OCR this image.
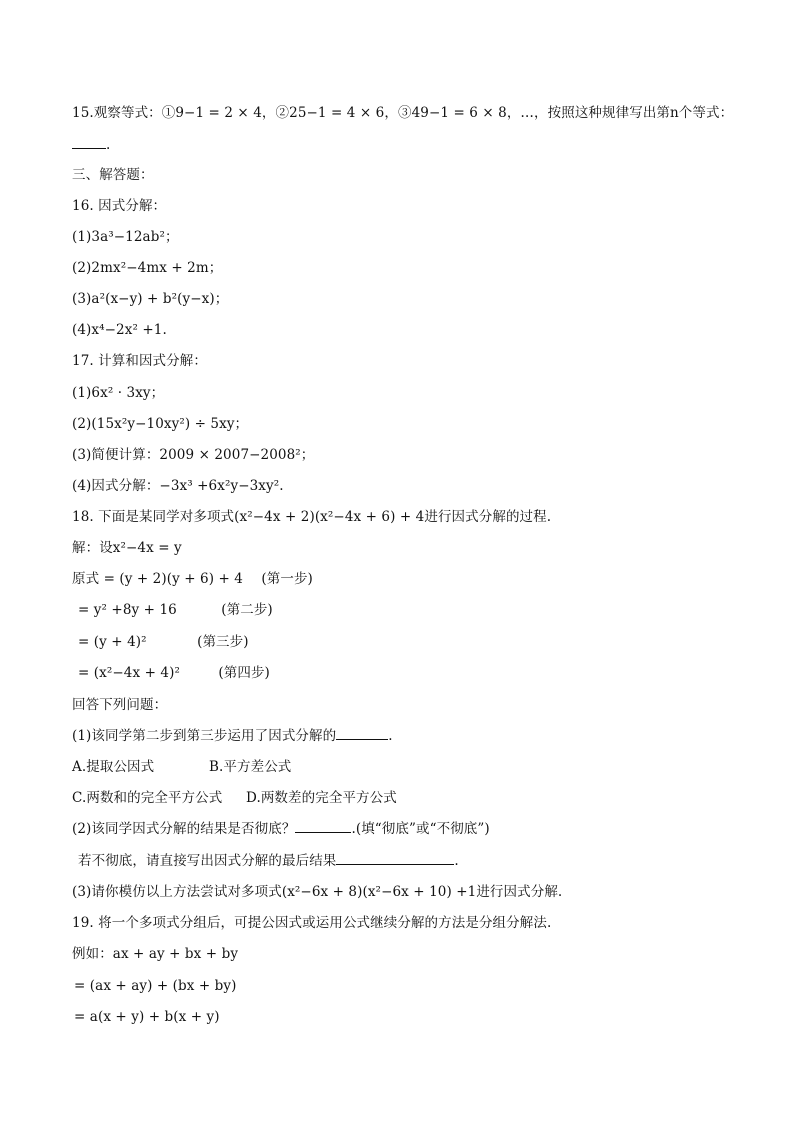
15.观察等式：①9−1 = 2 × 4，②25−1 = 4 × 6，③49−1 = 6 × 8，…，按照这种规律写出第n个等式：
.
三、解答题：
16. 因式分解：
(1)3a³−12ab²；
(2)2mx²−4mx + 2m；
(3)a²(x−y) + b²(y−x)；
(4)x⁴−2x² +1.
17. 计算和因式分解：
(1)6x² · 3xy；
(2)(15x²y−10xy²) ÷ 5xy；
(3)简便计算：2009 × 2007−2008²；
(4)因式分解：−3x³ +6x²y−3xy².
18. 下面是某同学对多项式(x²−4x + 2)(x²−4x + 6) + 4进行因式分解的过程.
解：设x²−4x = y
原式 = (y + 2)(y + 6) + 4 (第一步)
= y² +8y + 16	(第二步)
= (y + 4)²	(第三步)
= (x²−4x + 4)²	(第四步)
回答下列问题：
(1)该同学第二步到第三步运用了因式分解的	.
A.提取公因式	B.平方差公式
C.两数和的完全平方公式 D.两数差的完全平方公式
(2)该同学因式分解的结果是否彻底？	.(填“彻底”或“不彻底”)
若不彻底，请直接写出因式分解的最后结果	.
(3)请你模仿以上方法尝试对多项式(x²−6x + 8)(x²−6x + 10) +1进行因式分解.
19. 将一个多项式分组后，可提公因式或运用公式继续分解的方法是分组分解法.
例如：ax + ay + bx + by
= (ax + ay) + (bx + by)
= a(x + y) + b(x + y)
